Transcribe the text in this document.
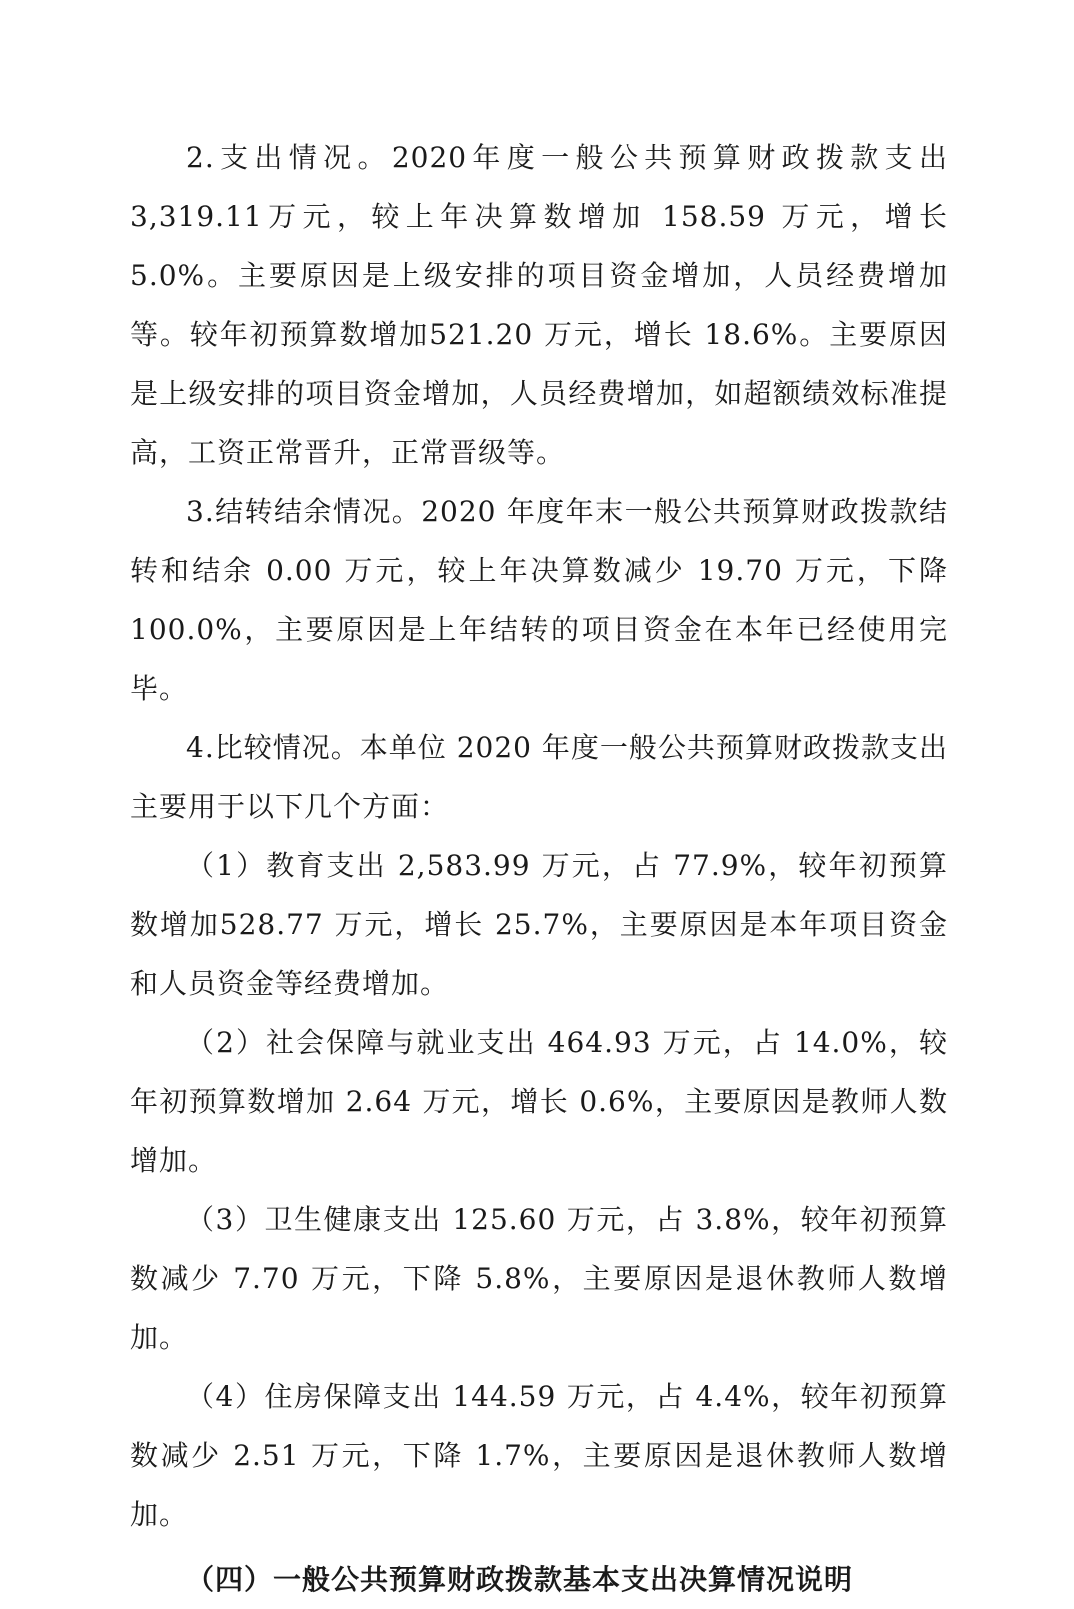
2.支出情况。2020年度一般公共预算财政拨款支出3,319.11万元，较上年决算数增加 158.59 万元，增长 5.0%。主要原因是上级安排的项目资金增加，人员经费增加等。较年初预算数增加521.20 万元，增长 18.6%。主要原因是上级安排的项目资金增加，人员经费增加，如超额绩效标准提高，工资正常晋升，正常晋级等。

3.结转结余情况。2020 年度年末一般公共预算财政拨款结转和结余 0.00 万元，较上年决算数减少 19.70 万元，下降 100.0%，主要原因是上年结转的项目资金在本年已经使用完毕。

4.比较情况。本单位 2020 年度一般公共预算财政拨款支出主要用于以下几个方面：

（1）教育支出 2,583.99 万元，占 77.9%，较年初预算数增加528.77 万元，增长 25.7%，主要原因是本年项目资金和人员资金等经费增加。

（2）社会保障与就业支出 464.93 万元，占 14.0%，较年初预算数增加 2.64 万元，增长 0.6%，主要原因是教师人数增加。

（3）卫生健康支出 125.60 万元，占 3.8%，较年初预算数减少 7.70 万元，下降 5.8%，主要原因是退休教师人数增加。

（4）住房保障支出 144.59 万元，占 4.4%，较年初预算数减少 2.51 万元，下降 1.7%，主要原因是退休教师人数增加。

（四）一般公共预算财政拨款基本支出决算情况说明
